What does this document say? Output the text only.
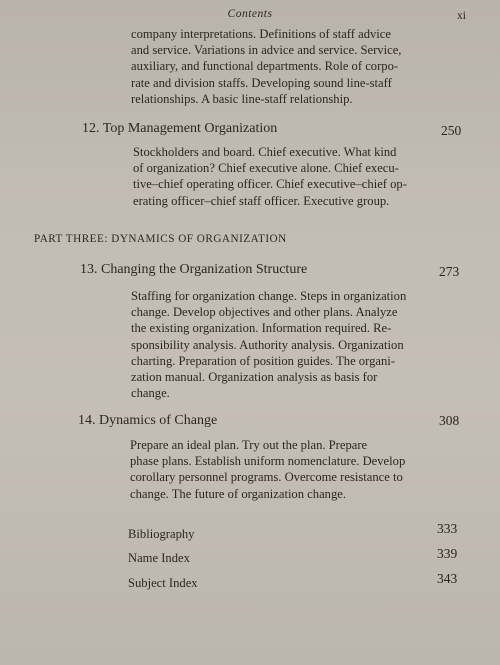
Contents	xi
company interpretations. Definitions of staff advice
and service. Variations in advice and service. Service,
auxiliary, and functional departments. Role of corpo-
rate and division staffs. Developing sound line-staff
relationships. A basic line-staff relationship.
12. Top Management Organization	250
Stockholders and board. Chief executive. What kind
of organization? Chief executive alone. Chief execu-
tive–chief operating officer. Chief executive–chief op-
erating officer–chief staff officer. Executive group.
PART THREE: DYNAMICS OF ORGANIZATION
13. Changing the Organization Structure	273
Staffing for organization change. Steps in organization
change. Develop objectives and other plans. Analyze
the existing organization. Information required. Re-
sponsibility analysis. Authority analysis. Organization
charting. Preparation of position guides. The organi-
zation manual. Organization analysis as basis for
change.
14. Dynamics of Change	308
Prepare an ideal plan. Try out the plan. Prepare
phase plans. Establish uniform nomenclature. Develop
corollary personnel programs. Overcome resistance to
change. The future of organization change.
Bibliography	333
Name Index	339
Subject Index	343
